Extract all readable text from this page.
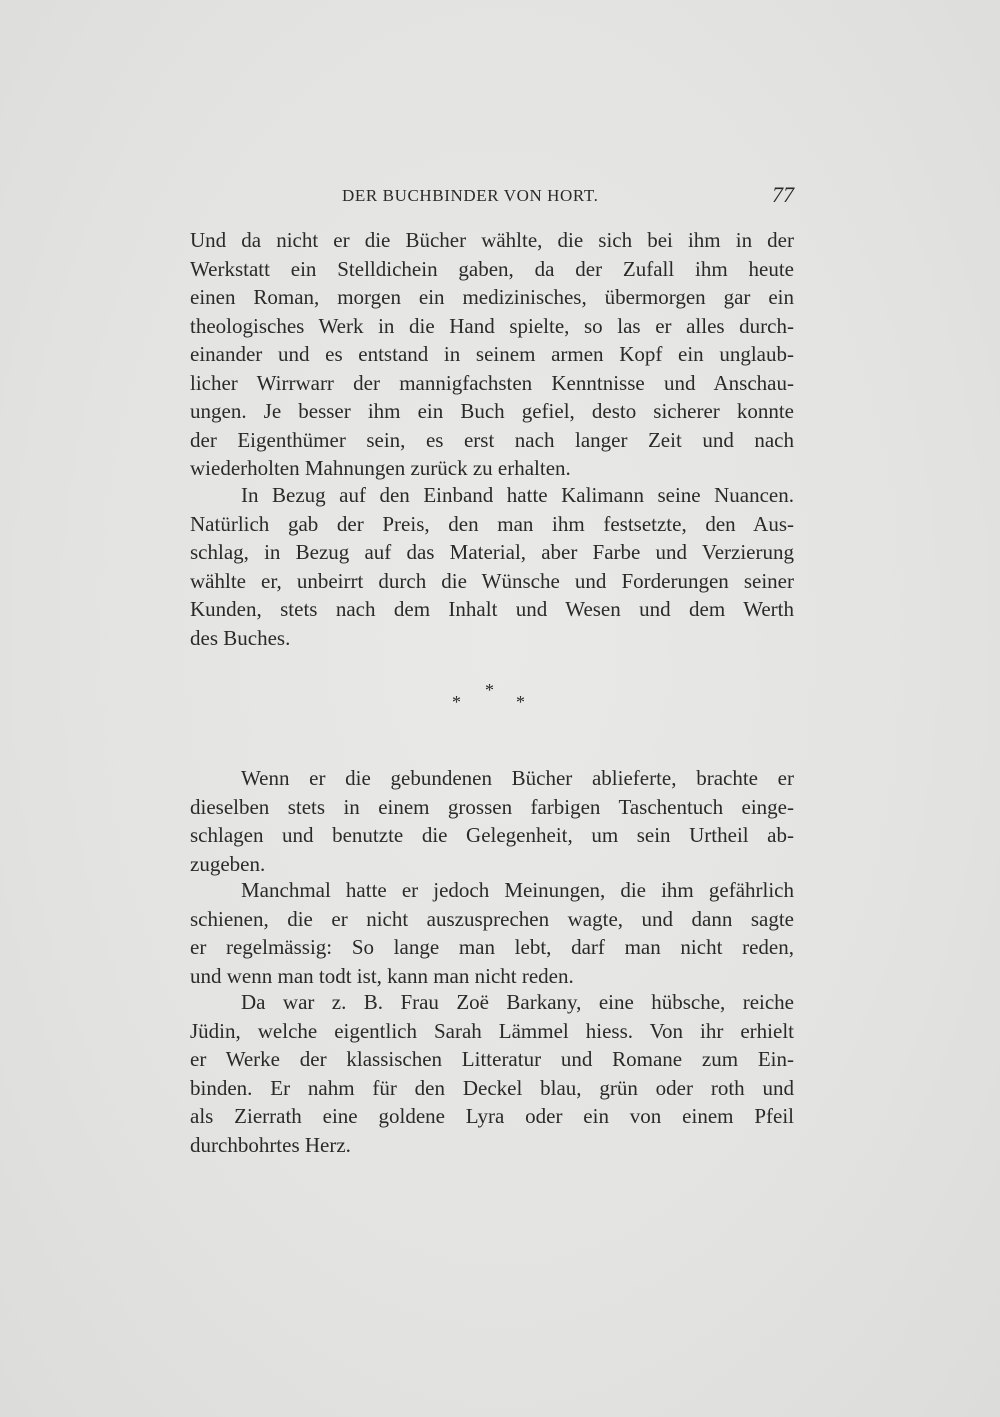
DER BUCHBINDER VON HORT.	77
Und da nicht er die Bücher wählte, die sich bei ihm in der
Werkstatt ein Stelldichein gaben, da der Zufall ihm heute
einen Roman, morgen ein medizinisches, übermorgen gar ein
theologisches Werk in die Hand spielte, so las er alles durch-
einander und es entstand in seinem armen Kopf ein unglaub-
licher Wirrwarr der mannigfachsten Kenntnisse und Anschau-
ungen. Je besser ihm ein Buch gefiel, desto sicherer konnte
der Eigenthümer sein, es erst nach langer Zeit und nach
wiederholten Mahnungen zurück zu erhalten.
In Bezug auf den Einband hatte Kalimann seine Nuancen.
Natürlich gab der Preis, den man ihm festsetzte, den Aus-
schlag, in Bezug auf das Material, aber Farbe und Verzierung
wählte er, unbeirrt durch die Wünsche und Forderungen seiner
Kunden, stets nach dem Inhalt und Wesen und dem Werth
des Buches.
*
*	*
Wenn er die gebundenen Bücher ablieferte, brachte er
dieselben stets in einem grossen farbigen Taschentuch einge-
schlagen und benutzte die Gelegenheit, um sein Urtheil ab-
zugeben.
Manchmal hatte er jedoch Meinungen, die ihm gefährlich
schienen, die er nicht auszusprechen wagte, und dann sagte
er regelmässig: So lange man lebt, darf man nicht reden,
und wenn man todt ist, kann man nicht reden.
Da war z. B. Frau Zoë Barkany, eine hübsche, reiche
Jüdin, welche eigentlich Sarah Lämmel hiess. Von ihr erhielt
er Werke der klassischen Litteratur und Romane zum Ein-
binden. Er nahm für den Deckel blau, grün oder roth und
als Zierrath eine goldene Lyra oder ein von einem Pfeil
durchbohrtes Herz.
